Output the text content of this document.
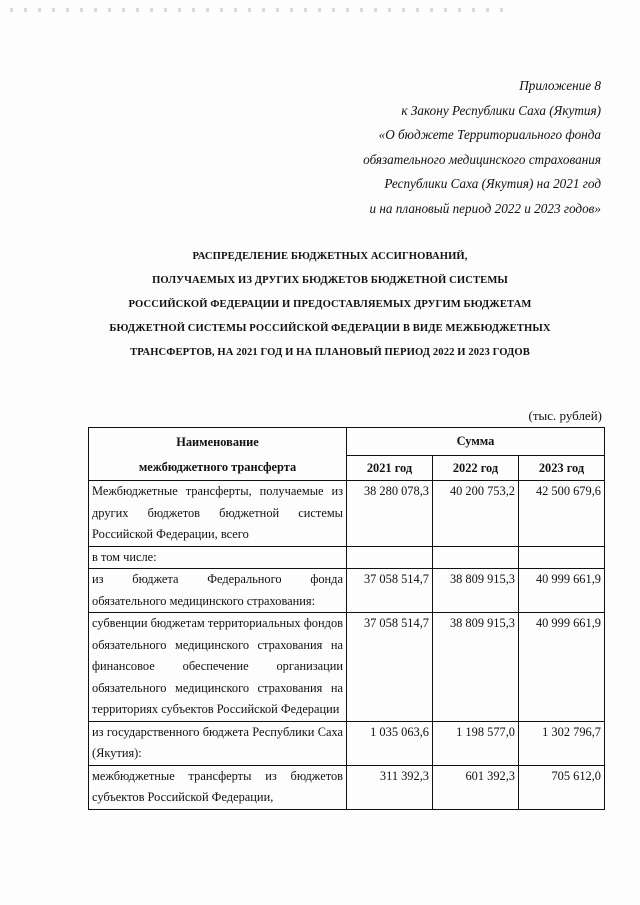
Приложение 8
к Закону Республики Саха (Якутия)
«О бюджете Территориального фонда
обязательного медицинского страхования
Республики Саха (Якутия) на 2021 год
и на плановый период 2022 и 2023 годов»
РАСПРЕДЕЛЕНИЕ БЮДЖЕТНЫХ АССИГНОВАНИЙ,
ПОЛУЧАЕМЫХ ИЗ ДРУГИХ БЮДЖЕТОВ БЮДЖЕТНОЙ СИСТЕМЫ
РОССИЙСКОЙ ФЕДЕРАЦИИ И ПРЕДОСТАВЛЯЕМЫХ ДРУГИМ БЮДЖЕТАМ
БЮДЖЕТНОЙ СИСТЕМЫ РОССИЙСКОЙ ФЕДЕРАЦИИ В ВИДЕ МЕЖБЮДЖЕТНЫХ
ТРАНСФЕРТОВ, НА 2021 ГОД И НА ПЛАНОВЫЙ ПЕРИОД 2022 И 2023 ГОДОВ
(тыс. рублей)
Наименование
межбюджетного трансферта	Сумма		
	2021 год	2022 год	2023 год
Межбюджетные трансферты, получаемые из других бюджетов бюджетной системы Российской Федерации, всего	38 280 078,3	40 200 753,2	42 500 679,6
в том числе:			
из бюджета Федерального фонда обязательного медицинского страхования:	37 058 514,7	38 809 915,3	40 999 661,9
субвенции бюджетам территориальных фондов обязательного медицинского страхования на финансовое обеспечение организации обязательного медицинского страхования на территориях субъектов Российской Федерации	37 058 514,7	38 809 915,3	40 999 661,9
из государственного бюджета Республики Саха (Якутия):	1 035 063,6	1 198 577,0	1 302 796,7
межбюджетные трансферты из бюджетов субъектов Российской Федерации,	311 392,3	601 392,3	705 612,0
